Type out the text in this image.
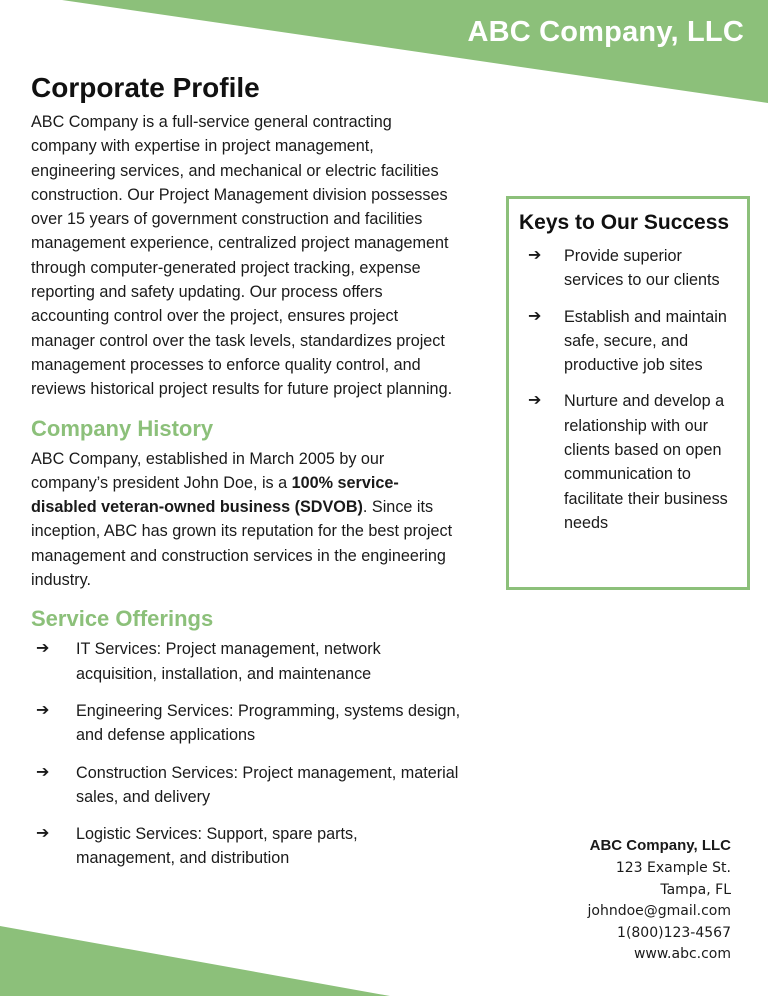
ABC Company, LLC
Corporate Profile

ABC Company is a full-service general contracting company with expertise in project management, engineering services, and mechanical or electric facilities construction. Our Project Management division possesses over 15 years of government construction and facilities management experience, centralized project management through computer-generated project tracking, expense reporting and safety updating. Our process offers accounting control over the project, ensures project manager control over the task levels, standardizes project management processes to enforce quality control, and reviews historical project results for future project planning.

Company History

ABC Company, established in March 2005 by our company’s president John Doe, is a 100% service-disabled veteran-owned business (SDVOB). Since its inception, ABC has grown its reputation for the best project management and construction services in the engineering industry.

Service Offerings
➔	IT Services: Project management, network acquisition, installation, and maintenance
➔	Engineering Services: Programming, systems design, and defense applications
➔	Construction Services: Project management, material sales, and delivery
➔	Logistic Services: Support, spare parts, management, and distribution
Keys to Our Success
➔	Provide superior services to our clients
➔	Establish and maintain safe, secure, and productive job sites
➔	Nurture and develop a relationship with our clients based on open communication to facilitate their business needs
ABC Company, LLC
123 Example St.
Tampa, FL
johndoe@gmail.com
1(800)123-4567
www.abc.com
